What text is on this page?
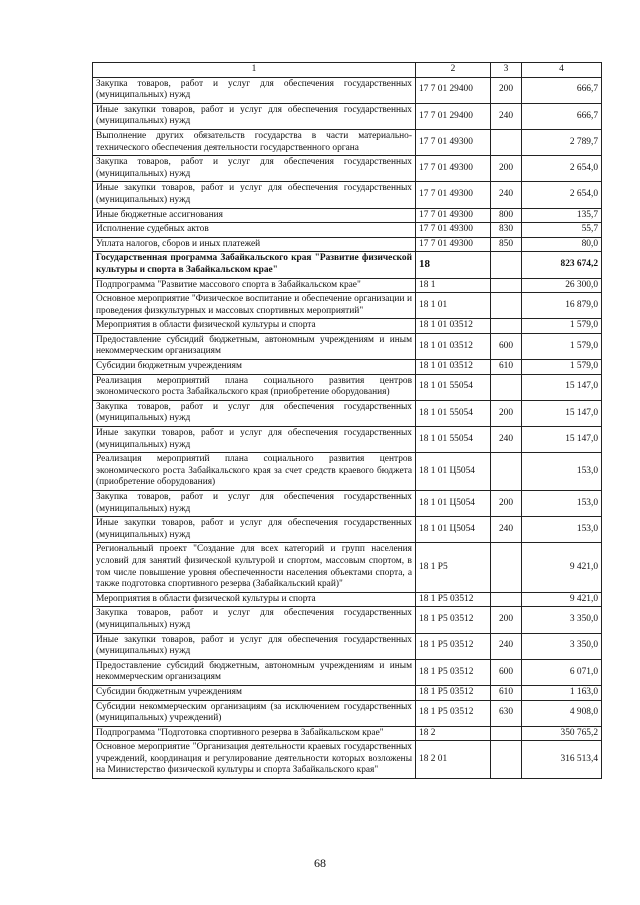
1	2	3	4
Закупка товаров, работ и услуг для обеспечения государственных (муниципальных) нужд	17 7 01 29400	200	666,7
Иные закупки товаров, работ и услуг для обеспечения государственных (муниципальных) нужд	17 7 01 29400	240	666,7
Выполнение других обязательств государства в части материально-технического обеспечения деятельности государственного органа	17 7 01 49300		2 789,7
Закупка товаров, работ и услуг для обеспечения государственных (муниципальных) нужд	17 7 01 49300	200	2 654,0
Иные закупки товаров, работ и услуг для обеспечения государственных (муниципальных) нужд	17 7 01 49300	240	2 654,0
Иные бюджетные ассигнования	17 7 01 49300	800	135,7
Исполнение судебных актов	17 7 01 49300	830	55,7
Уплата налогов, сборов и иных платежей	17 7 01 49300	850	80,0
Государственная программа Забайкальского края "Развитие физической культуры и спорта в Забайкальском крае"	18		823 674,2
Подпрограмма "Развитие массового спорта в Забайкальском крае"	18 1		26 300,0
Основное мероприятие "Физическое воспитание и обеспечение организации и проведения физкультурных и массовых спортивных мероприятий"	18 1 01		16 879,0
Мероприятия в области физической культуры и спорта	18 1 01 03512		1 579,0
Предоставление субсидий бюджетным, автономным учреждениям и иным некоммерческим организациям	18 1 01 03512	600	1 579,0
Субсидии бюджетным учреждениям	18 1 01 03512	610	1 579,0
Реализация мероприятий плана социального развития центров экономического роста Забайкальского края (приобретение оборудования)	18 1 01 55054		15 147,0
Закупка товаров, работ и услуг для обеспечения государственных (муниципальных) нужд	18 1 01 55054	200	15 147,0
Иные закупки товаров, работ и услуг для обеспечения государственных (муниципальных) нужд	18 1 01 55054	240	15 147,0
Реализация мероприятий плана социального развития центров экономического роста Забайкальского края за счет средств краевого бюджета (приобретение оборудования)	18 1 01 Ц5054		153,0
Закупка товаров, работ и услуг для обеспечения государственных (муниципальных) нужд	18 1 01 Ц5054	200	153,0
Иные закупки товаров, работ и услуг для обеспечения государственных (муниципальных) нужд	18 1 01 Ц5054	240	153,0
Региональный проект "Создание для всех категорий и групп населения условий для занятий физической культурой и спортом, массовым спортом, в том числе повышение уровня обеспеченности населения объектами спорта, а также подготовка спортивного резерва (Забайкальский край)"	18 1 P5		9 421,0
Мероприятия в области физической культуры и спорта	18 1 P5 03512		9 421,0
Закупка товаров, работ и услуг для обеспечения государственных (муниципальных) нужд	18 1 P5 03512	200	3 350,0
Иные закупки товаров, работ и услуг для обеспечения государственных (муниципальных) нужд	18 1 P5 03512	240	3 350,0
Предоставление субсидий бюджетным, автономным учреждениям и иным некоммерческим организациям	18 1 P5 03512	600	6 071,0
Субсидии бюджетным учреждениям	18 1 P5 03512	610	1 163,0
Субсидии некоммерческим организациям (за исключением государственных (муниципальных) учреждений)	18 1 P5 03512	630	4 908,0
Подпрограмма "Подготовка спортивного резерва в Забайкальском крае"	18 2		350 765,2
Основное мероприятие "Организация деятельности краевых государственных учреждений, координация и регулирование деятельности которых возложены на Министерство физической культуры и спорта Забайкальского края"	18 2 01		316 513,4
68
